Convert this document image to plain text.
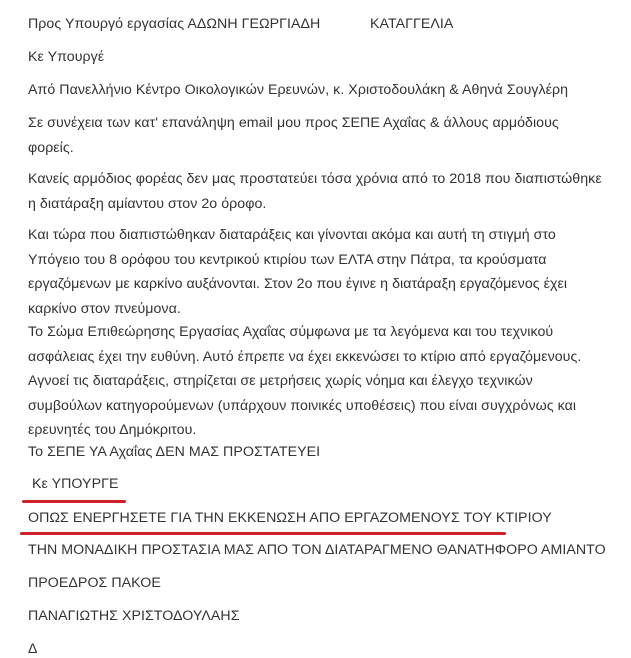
Προς Υπουργό εργασίας ΑΔΩΝΗ ΓΕΩΡΓΙΑΔΗ	ΚΑΤΑΓΓΕΛΙΑ
Κε Υπουργέ
Από Πανελλήνιο Κέντρο Οικολογικών Ερευνών, κ. Χριστοδουλάκη & Αθηνά Σουγλέρη
Σε συνέχεια των κατ' επανάληψη email μου προς ΣΕΠΕ Αχαΐας & άλλους αρμόδιους φορείς.
Κανείς αρμόδιος φορέας δεν μας προστατεύει τόσα χρόνια από το 2018 που διαπιστώθηκε η διατάραξη αμίαντου στον 2ο όροφο.
Και τώρα που διαπιστώθηκαν διαταράξεις και γίνονται ακόμα και αυτή τη στιγμή στο Υπόγειο του 8 ορόφου του κεντρικού κτιρίου των ΕΛΤΑ στην Πάτρα, τα κρούσματα εργαζόμενων με καρκίνο αυξάνονται. Στον 2ο που έγινε η διατάραξη εργαζόμενος έχει καρκίνο στον πνεύμονα.
Το Σώμα Επιθεώρησης Εργασίας Αχαΐας σύμφωνα με τα λεγόμενα και του τεχνικού ασφάλειας έχει την ευθύνη. Αυτό έπρεπε να έχει εκκενώσει το κτίριο από εργαζόμενους. Αγνοεί τις διαταράξεις, στηρίζεται σε μετρήσεις χωρίς νόημα και έλεγχο τεχνικών συμβούλων κατηγορούμενων (υπάρχουν ποινικές υποθέσεις) που είναι συγχρόνως και ερευνητές του Δημόκριτου.
Το ΣΕΠΕ ΥΑ Αχαΐας ΔΕΝ ΜΑΣ ΠΡΟΣΤΑΤΕΥΕΙ
Κε ΥΠΟΥΡΓΕ
ΟΠΩΣ ΕΝΕΡΓΗΣΕΤΕ ΓΙΑ ΤΗΝ ΕΚΚΕΝΩΣΗ ΑΠΟ ΕΡΓΑΖΟΜΕΝΟΥΣ ΤΟΥ ΚΤΙΡΙΟΥ
ΤΗΝ ΜΟΝΑΔΙΚΗ ΠΡΟΣΤΑΣΙΑ ΜΑΣ ΑΠΟ ΤΟΝ ΔΙΑΤΑΡΑΓΜΕΝΟ ΘΑΝΑΤΗΦΟΡΟ ΑΜΙΑΝΤΟ
ΠΡΟΕΔΡΟΣ ΠΑΚΟΕ
ΠΑΝΑΓΙΩΤΗΣ ΧΡΙΣΤΟΔΟΥΛΑΗΣ
Δ
